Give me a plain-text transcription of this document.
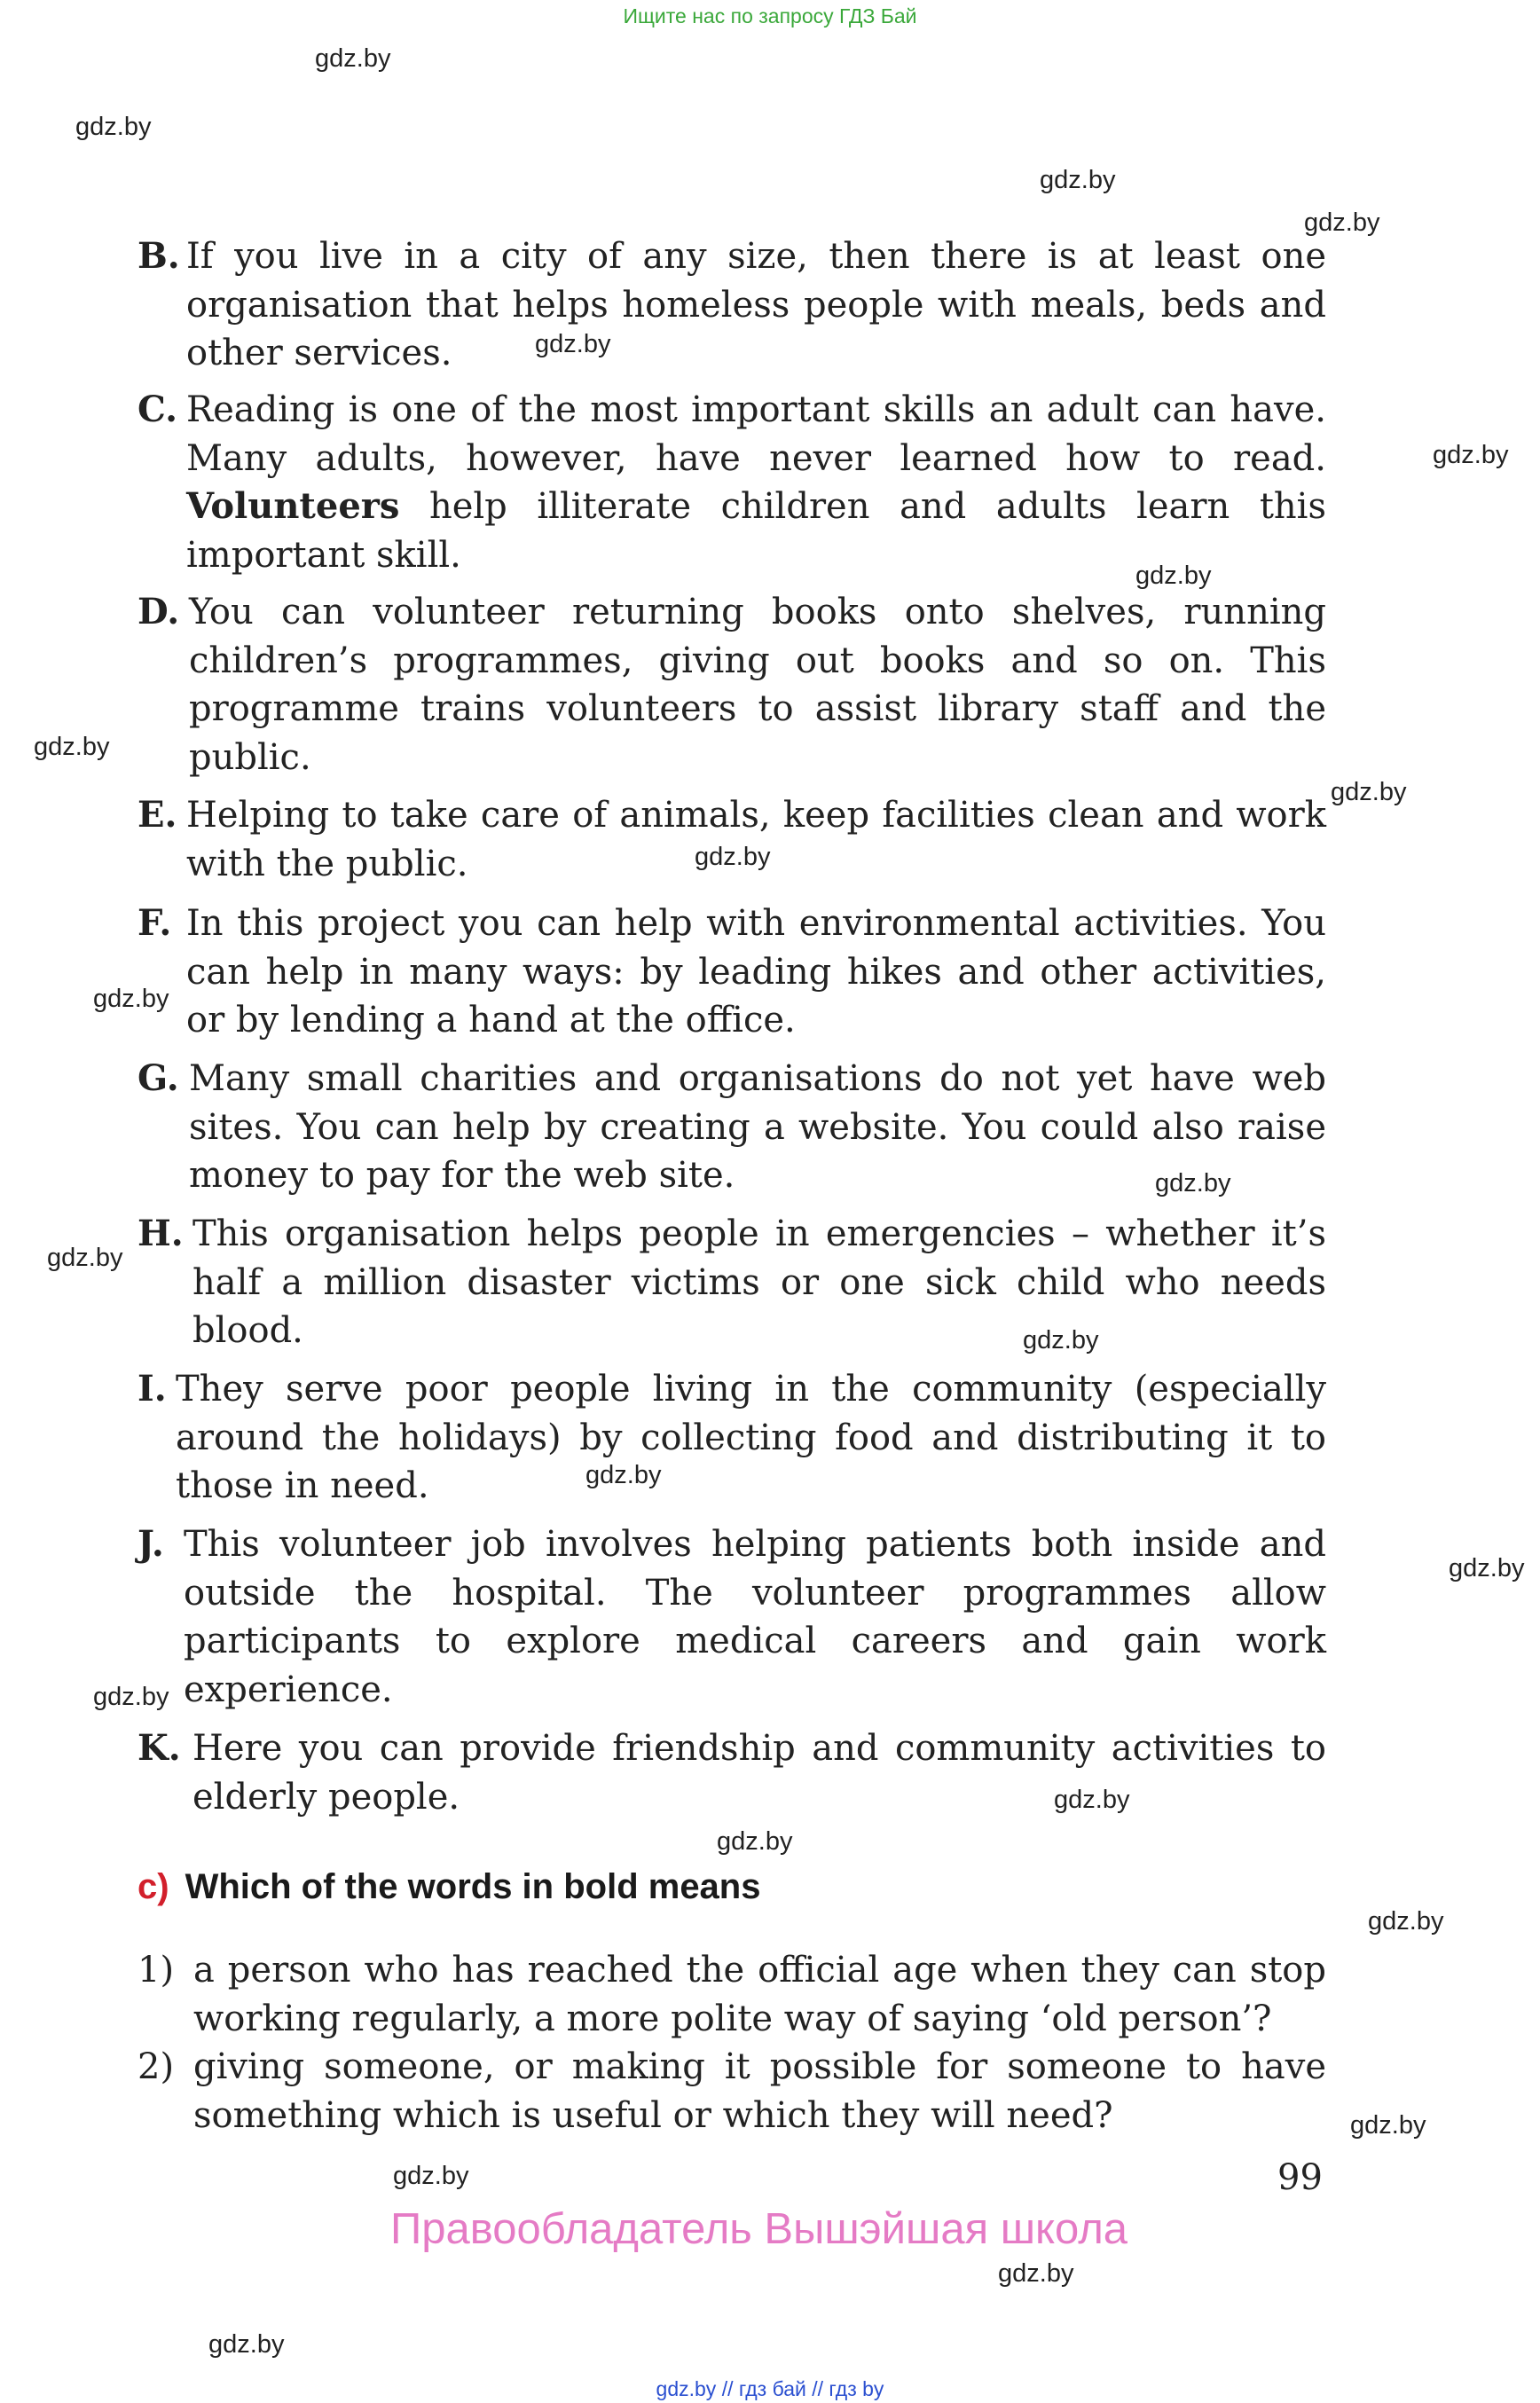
Ищите нас по запросу ГДЗ Бай
gdz.by
gdz.by
gdz.by
gdz.by
gdz.by
gdz.by
gdz.by
gdz.by
gdz.by
gdz.by
gdz.by
gdz.by
gdz.by
gdz.by
gdz.by
gdz.by
gdz.by
gdz.by
gdz.by
gdz.by
gdz.by
gdz.by
gdz.by
gdz.by
B. If you live in a city of any size, then there is at least one organisation that helps homeless people with meals, beds and other services.
C. Reading is one of the most important skills an adult can have. Many adults, however, have never learned how to read. Volunteers help illiterate children and adults learn this important skill.
D. You can volunteer returning books onto shelves, running children’s programmes, giving out books and so on. This programme trains volunteers to assist library staff and the public.
E. Helping to take care of animals, keep facilities clean and work with the public.
F. In this project you can help with environmental activities. You can help in many ways: by leading hikes and other activities, or by lending a hand at the office.
G. Many small charities and organisations do not yet have web sites. You can help by creating a website. You could also raise money to pay for the web site.
H. This organisation helps people in emergencies – whether it’s half a million disaster victims or one sick child who needs blood.
I. They serve poor people living in the community (especially around the holidays) by collecting food and distributing it to those in need.
J. This volunteer job involves helping patients both inside and outside the hospital. The volunteer programmes allow participants to explore medical careers and gain work experience.
K. Here you can provide friendship and community activities to elderly people.
c) Which of the words in bold means
1) a person who has reached the official age when they can stop working regularly, a more polite way of saying ‘old person’?
2) giving someone, or making it possible for someone to have something which is useful or which they will need?
99
Правообладатель Вышэйшая школа
gdz.by // гдз бай // гдз by
